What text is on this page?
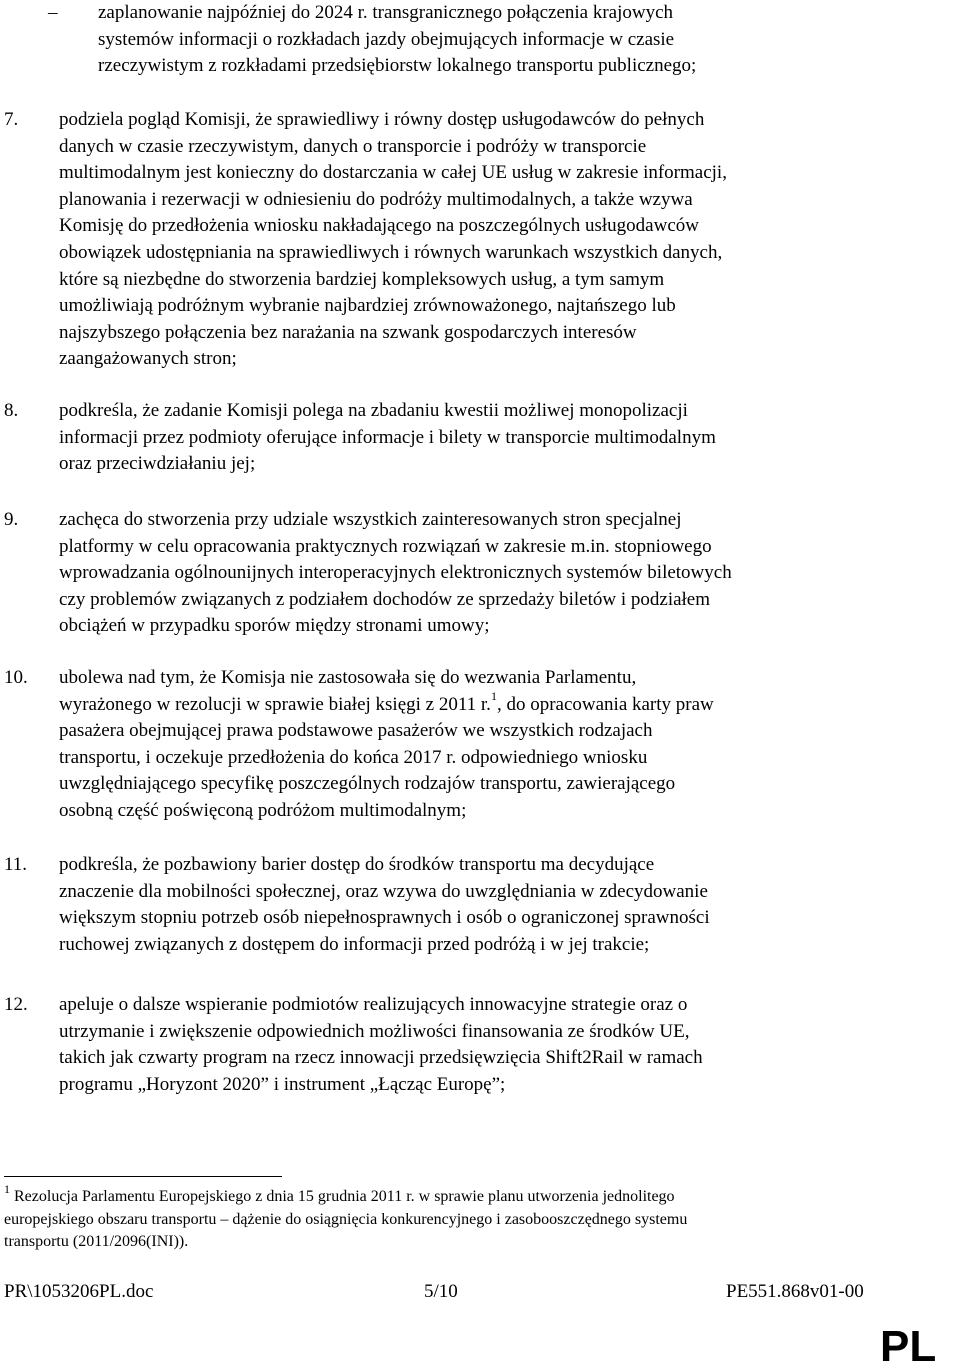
– zaplanowanie najpóźniej do 2024 r. transgranicznego połączenia krajowych
systemów informacji o rozkładach jazdy obejmujących informacje w czasie
rzeczywistym z rozkładami przedsiębiorstw lokalnego transportu publicznego;
7. podziela pogląd Komisji, że sprawiedliwy i równy dostęp usługodawców do pełnych
danych w czasie rzeczywistym, danych o transporcie i podróży w transporcie
multimodalnym jest konieczny do dostarczania w całej UE usług w zakresie informacji,
planowania i rezerwacji w odniesieniu do podróży multimodalnych, a także wzywa
Komisję do przedłożenia wniosku nakładającego na poszczególnych usługodawców
obowiązek udostępniania na sprawiedliwych i równych warunkach wszystkich danych,
które są niezbędne do stworzenia bardziej kompleksowych usług, a tym samym
umożliwiają podróżnym wybranie najbardziej zrównoważonego, najtańszego lub
najszybszego połączenia bez narażania na szwank gospodarczych interesów
zaangażowanych stron;
8. podkreśla, że zadanie Komisji polega na zbadaniu kwestii możliwej monopolizacji
informacji przez podmioty oferujące informacje i bilety w transporcie multimodalnym
oraz przeciwdziałaniu jej;
9. zachęca do stworzenia przy udziale wszystkich zainteresowanych stron specjalnej
platformy w celu opracowania praktycznych rozwiązań w zakresie m.in. stopniowego
wprowadzania ogólnounijnych interoperacyjnych elektronicznych systemów biletowych
czy problemów związanych z podziałem dochodów ze sprzedaży biletów i podziałem
obciążeń w przypadku sporów między stronami umowy;
10. ubolewa nad tym, że Komisja nie zastosowała się do wezwania Parlamentu,
wyrażonego w rezolucji w sprawie białej księgi z 2011 r.$^1$, do opracowania karty praw
pasażera obejmującej prawa podstawowe pasażerów we wszystkich rodzajach
transportu, i oczekuje przedłożenia do końca 2017 r. odpowiedniego wniosku
uwzględniającego specyfikę poszczególnych rodzajów transportu, zawierającego
osobną część poświęconą podróżom multimodalnym;
11. podkreśla, że pozbawiony barier dostęp do środków transportu ma decydujące
znaczenie dla mobilności społecznej, oraz wzywa do uwzględniania w zdecydowanie
większym stopniu potrzeb osób niepełnosprawnych i osób o ograniczonej sprawności
ruchowej związanych z dostępem do informacji przed podróżą i w jej trakcie;
12. apeluje o dalsze wspieranie podmiotów realizujących innowacyjne strategie oraz o
utrzymanie i zwiększenie odpowiednich możliwości finansowania ze środków UE,
takich jak czwarty program na rzecz innowacji przedsięwzięcia Shift2Rail w ramach
programu „Horyzont 2020” i instrument „Łącząc Europę”;
$^1$ Rezolucja Parlamentu Europejskiego z dnia 15 grudnia 2011 r. w sprawie planu utworzenia jednolitego
europejskiego obszaru transportu – dążenie do osiągnięcia konkurencyjnego i zasobooszczędnego systemu
transportu (2011/2096(INI)).
PR\1053206PL.doc	5/10	PE551.868v01-00
PL
